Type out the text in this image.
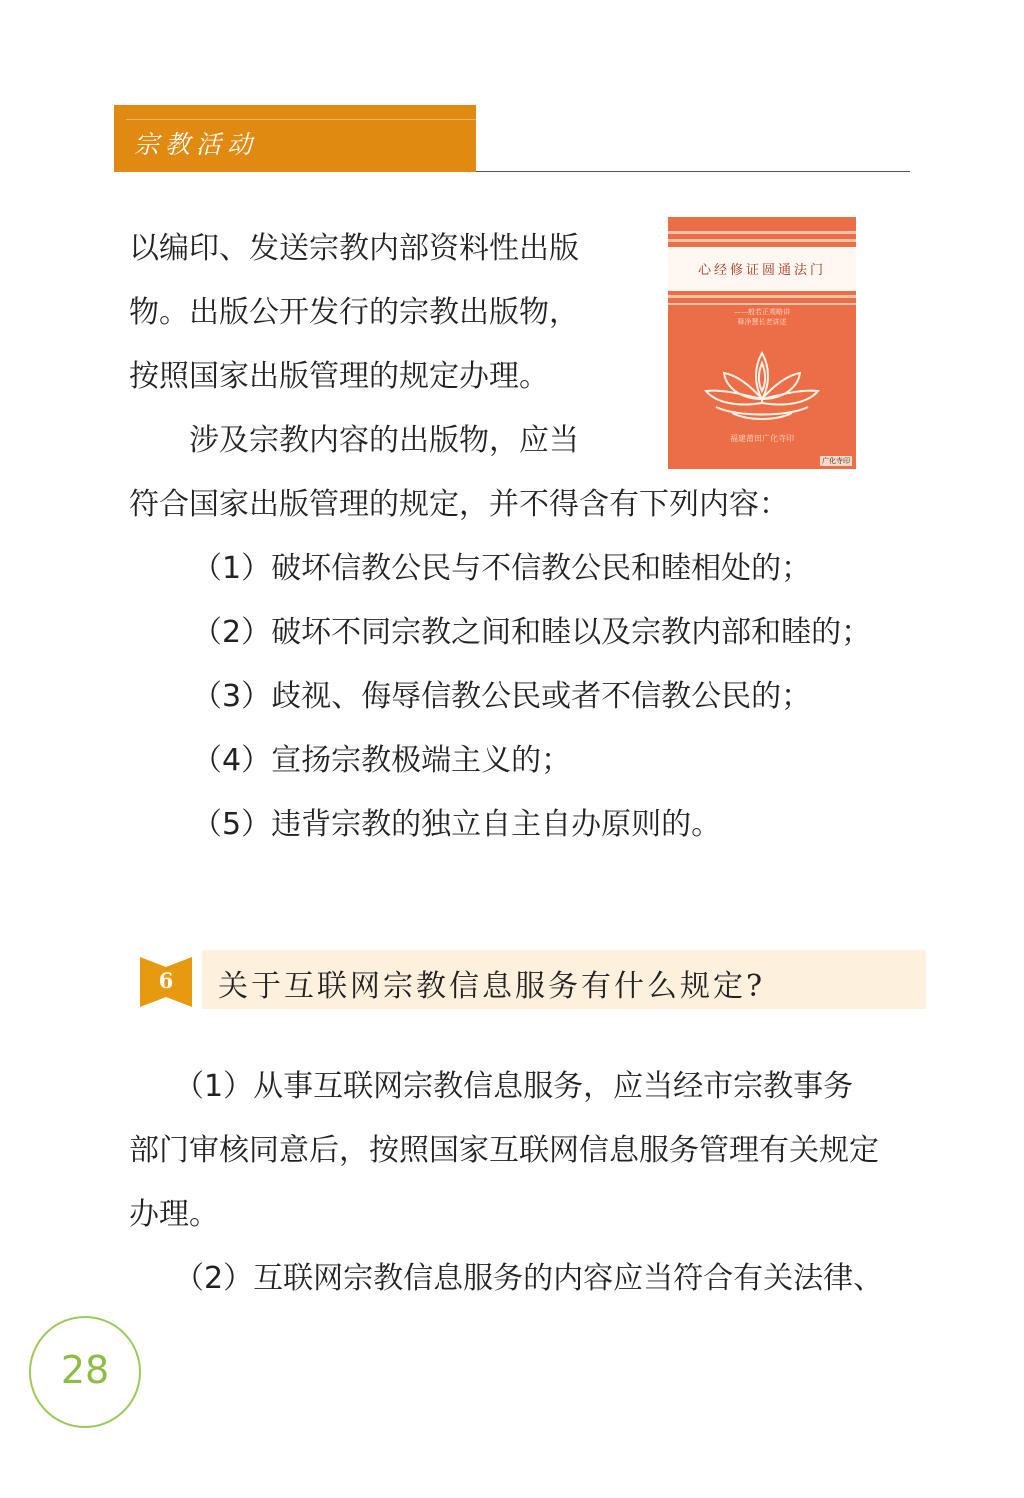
宗教活动
以编印、发送宗教内部资料性出版
物。出版公开发行的宗教出版物，
按照国家出版管理的规定办理。
　　涉及宗教内容的出版物，应当
符合国家出版管理的规定，并不得含有下列内容：
（1）破坏信教公民与不信教公民和睦相处的；
（2）破坏不同宗教之间和睦以及宗教内部和睦的；
（3）歧视、侮辱信教公民或者不信教公民的；
（4）宣扬宗教极端主义的；
（5）违背宗教的独立自主自办原则的。
心经修证圆通法门
——般若正观略讲
释净慧长老讲述
福建莆田广化寺印
广化寺印
6	关于互联网宗教信息服务有什么规定?
　　（1）从事互联网宗教信息服务，应当经市宗教事务
部门审核同意后，按照国家互联网信息服务管理有关规定
办理。
　　（2）互联网宗教信息服务的内容应当符合有关法律、
28
